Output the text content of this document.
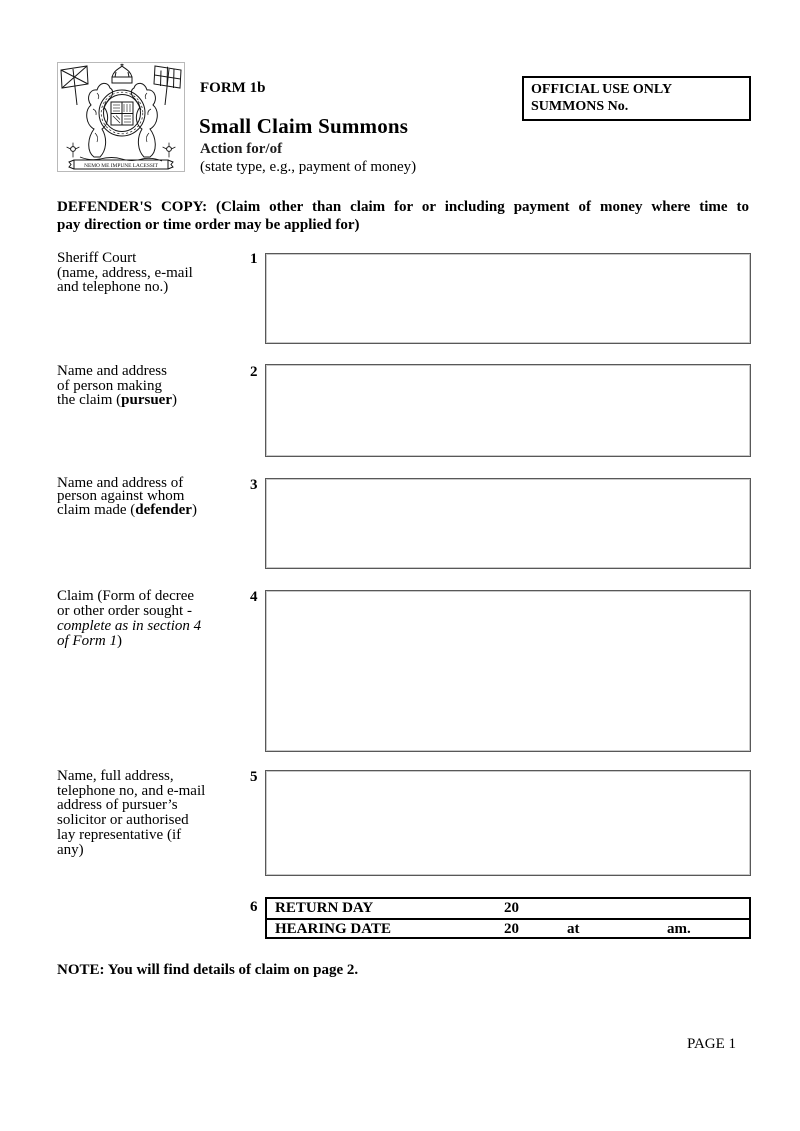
NEMO ME IMPUNE LACESSIT
FORM 1b
Small Claim Summons
Action for/of
(state type, e.g., payment of money)
OFFICIAL USE ONLY
SUMMONS No.
DEFENDER'S COPY: (Claim other than claim for or including payment of money where time to
pay direction or time order may be applied for)
Sheriff Court
(name, address, e-mail
and telephone no.)
1
Name and address
of person making
the claim (pursuer)
2
Name and address of
person against whom
claim made (defender)
3
Claim (Form of decree
or other order sought -
complete as in section 4
of Form 1)
4
Name, full address,
telephone no, and e-mail
address of pursuer’s
solicitor or authorised
lay representative (if
any)
5
6	RETURN DAY	20
HEARING DATE	20	at	am.
NOTE: You will find details of claim on page 2.
PAGE 1
